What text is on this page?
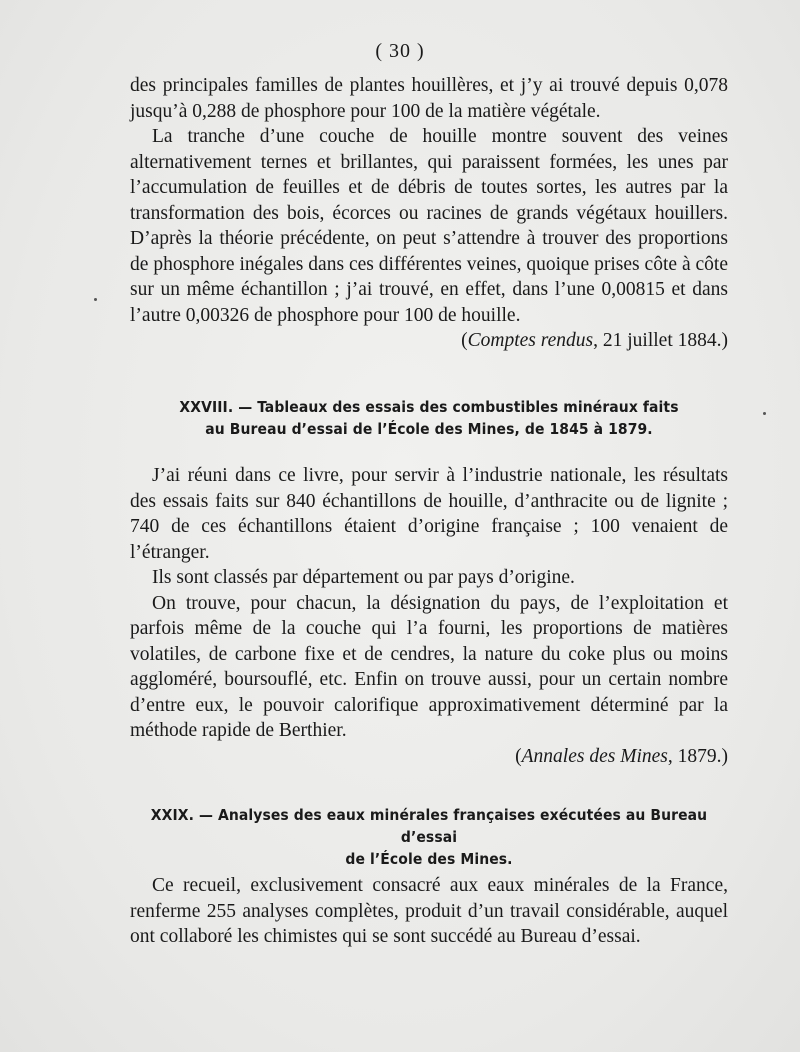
( 30 )

des principales familles de plantes houillères, et j’y ai trouvé depuis 0,078 jusqu’à 0,288 de phosphore pour 100 de la matière végétale.

La tranche d’une couche de houille montre souvent des veines alternativement ternes et brillantes, qui paraissent formées, les unes par l’accumulation de feuilles et de débris de toutes sortes, les autres par la transformation des bois, écorces ou racines de grands végétaux houillers. D’après la théorie précédente, on peut s’attendre à trouver des proportions de phosphore inégales dans ces différentes veines, quoique prises côte à côte sur un même échantillon ; j’ai trouvé, en effet, dans l’une 0,00815 et dans l’autre 0,00326 de phosphore pour 100 de houille.

(Comptes rendus, 21 juillet 1884.)

XXVIII. — Tableaux des essais des combustibles minéraux faits
au Bureau d’essai de l’École des Mines, de 1845 à 1879.

J’ai réuni dans ce livre, pour servir à l’industrie nationale, les résultats des essais faits sur 840 échantillons de houille, d’anthracite ou de lignite ; 740 de ces échantillons étaient d’origine française ; 100 venaient de l’étranger.

Ils sont classés par département ou par pays d’origine.

On trouve, pour chacun, la désignation du pays, de l’exploitation et parfois même de la couche qui l’a fourni, les proportions de matières volatiles, de carbone fixe et de cendres, la nature du coke plus ou moins aggloméré, boursouflé, etc. Enfin on trouve aussi, pour un certain nombre d’entre eux, le pouvoir calorifique approximativement déterminé par la méthode rapide de Berthier.

(Annales des Mines, 1879.)

XXIX. — Analyses des eaux minérales françaises exécutées au Bureau d’essai
de l’École des Mines.

Ce recueil, exclusivement consacré aux eaux minérales de la France, renferme 255 analyses complètes, produit d’un travail considérable, auquel ont collaboré les chimistes qui se sont succédé au Bureau d’essai.
